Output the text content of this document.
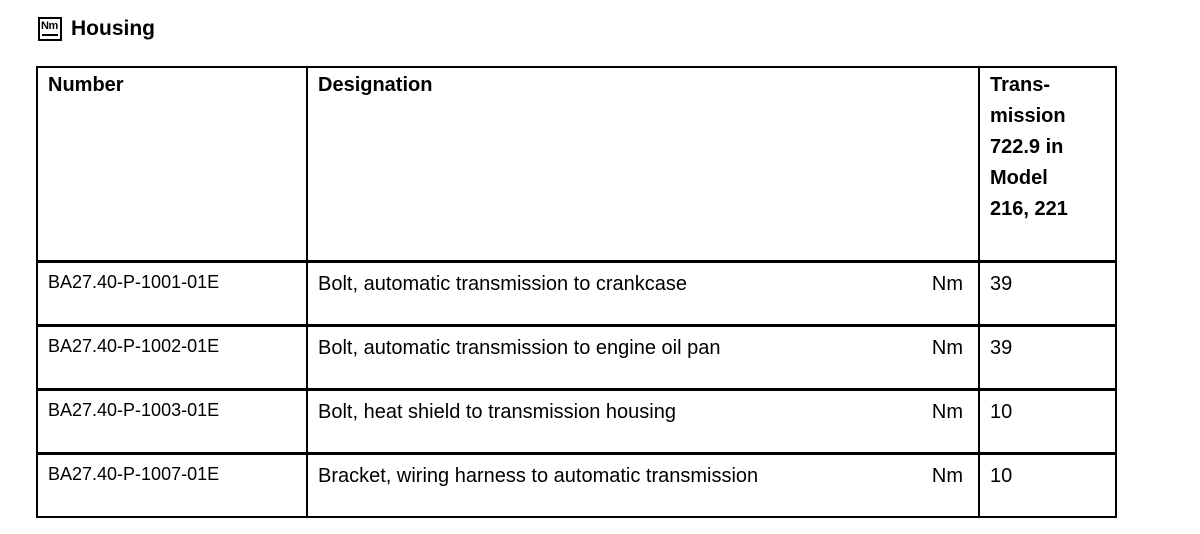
Nm Housing
Number	Designation	Trans-
mission
722.9 in
Model
216, 221

BA27.40-P-1001-01E	Bolt, automatic transmission to crankcase Nm	39

BA27.40-P-1002-01E	Bolt, automatic transmission to engine oil pan Nm	39

BA27.40-P-1003-01E	Bolt, heat shield to transmission housing Nm	10

BA27.40-P-1007-01E	Bracket, wiring harness to automatic transmission Nm	10
